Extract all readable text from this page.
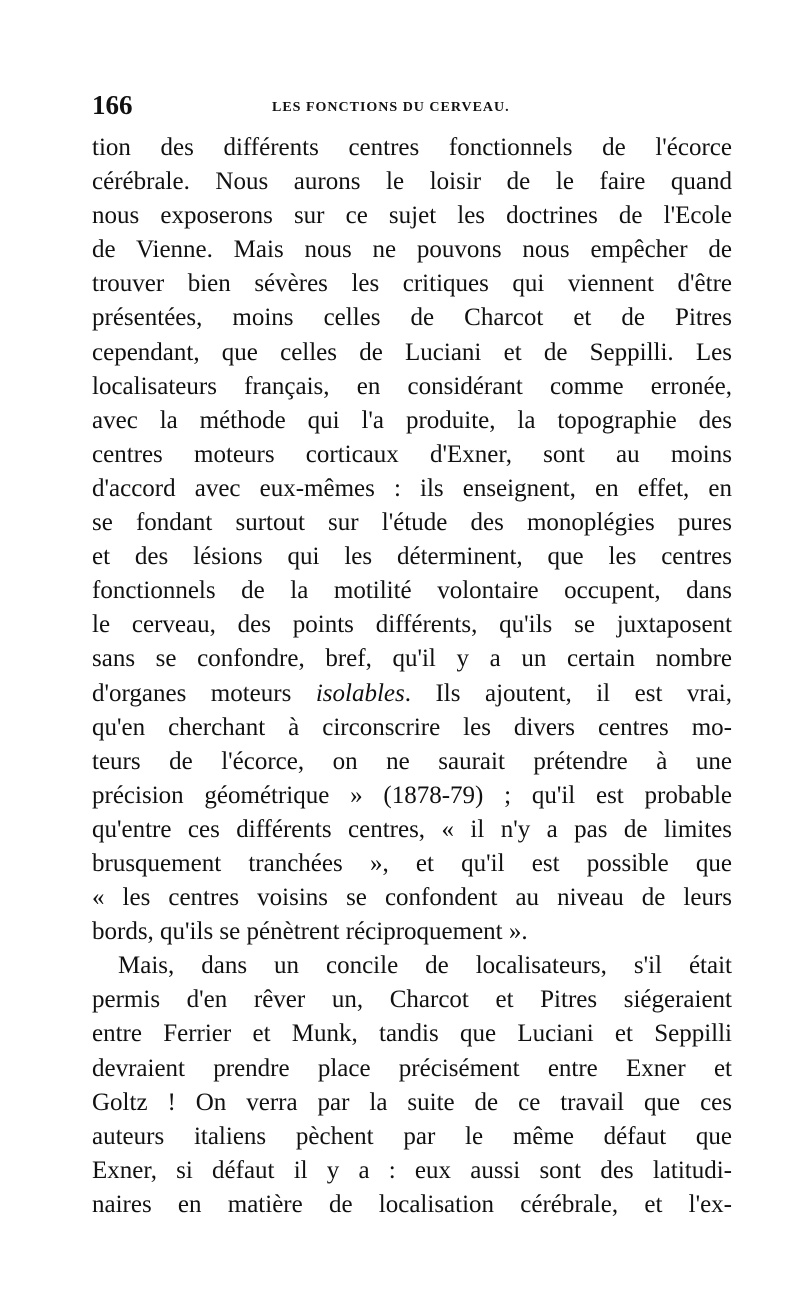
166	LES FONCTIONS DU CERVEAU.
tion des différents centres fonctionnels de l'écorce
cérébrale. Nous aurons le loisir de le faire quand
nous exposerons sur ce sujet les doctrines de l'Ecole
de Vienne. Mais nous ne pouvons nous empêcher de
trouver bien sévères les critiques qui viennent d'être
présentées, moins celles de Charcot et de Pitres
cependant, que celles de Luciani et de Seppilli. Les
localisateurs français, en considérant comme erronée,
avec la méthode qui l'a produite, la topographie des
centres moteurs corticaux d'Exner, sont au moins
d'accord avec eux-mêmes : ils enseignent, en effet, en
se fondant surtout sur l'étude des monoplégies pures
et des lésions qui les déterminent, que les centres
fonctionnels de la motilité volontaire occupent, dans
le cerveau, des points différents, qu'ils se juxtaposent
sans se confondre, bref, qu'il y a un certain nombre
d'organes moteurs isolables. Ils ajoutent, il est vrai,
qu'en cherchant à circonscrire les divers centres mo-
teurs de l'écorce, on ne saurait prétendre à une
précision géométrique » (1878-79) ; qu'il est probable
qu'entre ces différents centres, « il n'y a pas de limites
brusquement tranchées », et qu'il est possible que
« les centres voisins se confondent au niveau de leurs
bords, qu'ils se pénètrent réciproquement ».
Mais, dans un concile de localisateurs, s'il était
permis d'en rêver un, Charcot et Pitres siégeraient
entre Ferrier et Munk, tandis que Luciani et Seppilli
devraient prendre place précisément entre Exner et
Goltz ! On verra par la suite de ce travail que ces
auteurs italiens pèchent par le même défaut que
Exner, si défaut il y a : eux aussi sont des latitudi-
naires en matière de localisation cérébrale, et l'ex-
